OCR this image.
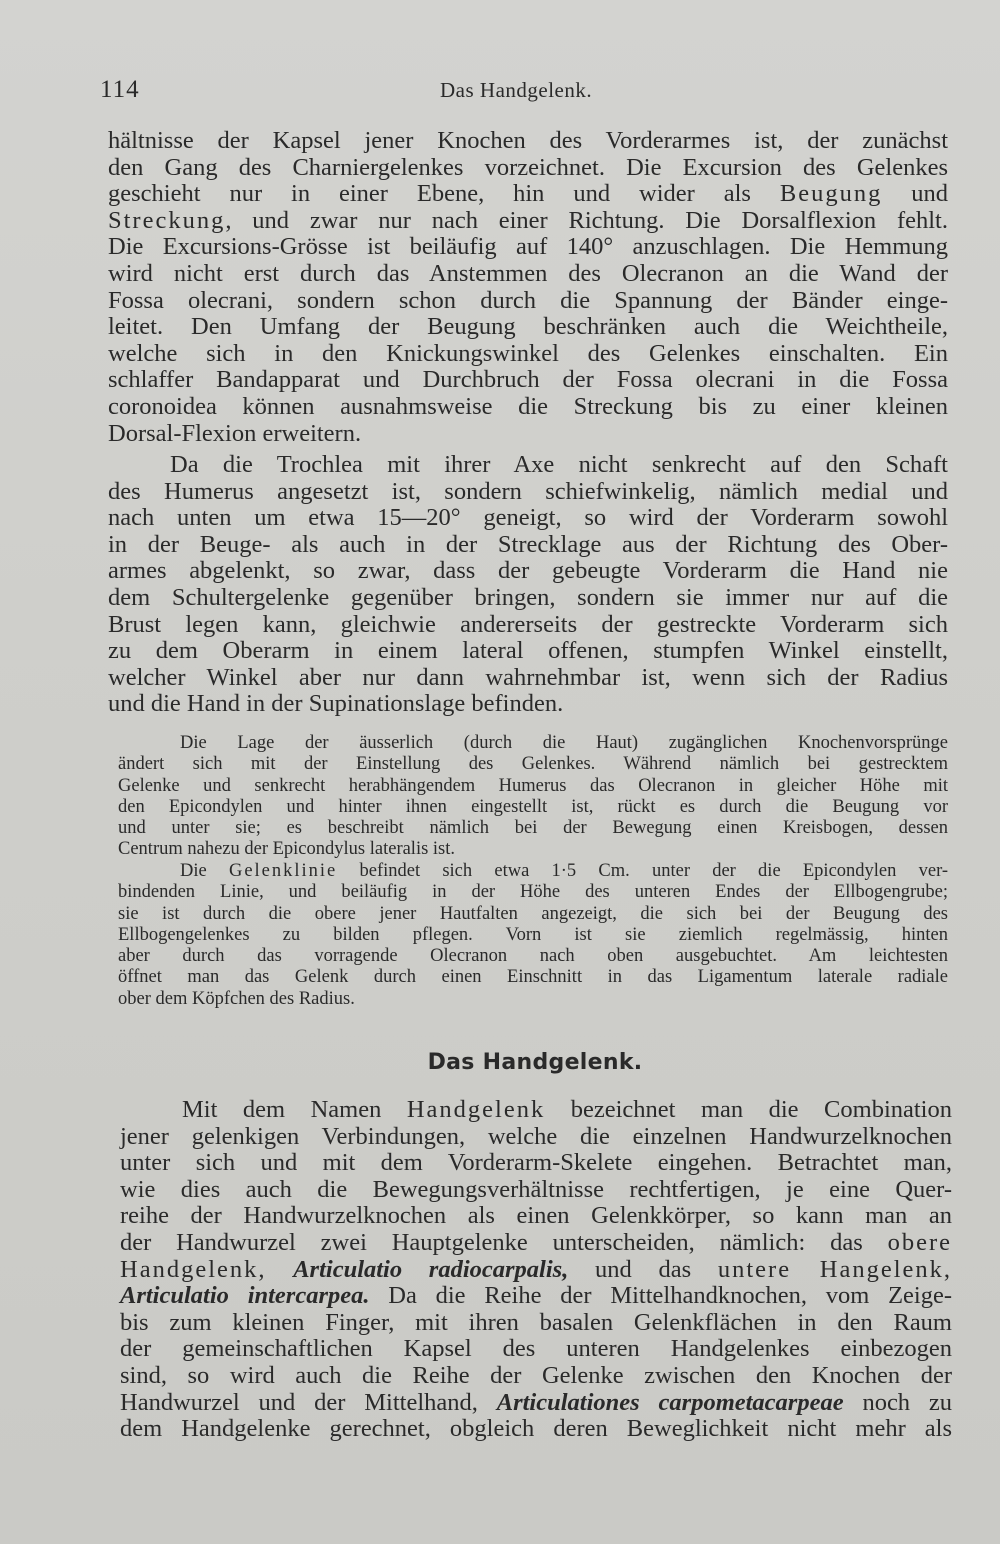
114	Das Handgelenk.
hältnisse der Kapsel jener Knochen des Vorderarmes ist, der zunächst
den Gang des Charniergelenkes vorzeichnet. Die Excursion des Gelenkes
geschieht nur in einer Ebene, hin und wider als Beugung und
Streckung, und zwar nur nach einer Richtung. Die Dorsalflexion fehlt.
Die Excursions-Grösse ist beiläufig auf 140° anzuschlagen. Die Hemmung
wird nicht erst durch das Anstemmen des Olecranon an die Wand der
Fossa olecrani, sondern schon durch die Spannung der Bänder einge-
leitet. Den Umfang der Beugung beschränken auch die Weichtheile,
welche sich in den Knickungswinkel des Gelenkes einschalten. Ein
schlaffer Bandapparat und Durchbruch der Fossa olecrani in die Fossa
coronoidea können ausnahmsweise die Streckung bis zu einer kleinen
Dorsal-Flexion erweitern.
Da die Trochlea mit ihrer Axe nicht senkrecht auf den Schaft
des Humerus angesetzt ist, sondern schiefwinkelig, nämlich medial und
nach unten um etwa 15—20° geneigt, so wird der Vorderarm sowohl
in der Beuge- als auch in der Strecklage aus der Richtung des Ober-
armes abgelenkt, so zwar, dass der gebeugte Vorderarm die Hand nie
dem Schultergelenke gegenüber bringen, sondern sie immer nur auf die
Brust legen kann, gleichwie andererseits der gestreckte Vorderarm sich
zu dem Oberarm in einem lateral offenen, stumpfen Winkel einstellt,
welcher Winkel aber nur dann wahrnehmbar ist, wenn sich der Radius
und die Hand in der Supinationslage befinden.
Die Lage der äusserlich (durch die Haut) zugänglichen Knochenvorsprünge
ändert sich mit der Einstellung des Gelenkes. Während nämlich bei gestrecktem
Gelenke und senkrecht herabhängendem Humerus das Olecranon in gleicher Höhe mit
den Epicondylen und hinter ihnen eingestellt ist, rückt es durch die Beugung vor
und unter sie; es beschreibt nämlich bei der Bewegung einen Kreisbogen, dessen
Centrum nahezu der Epicondylus lateralis ist.
Die Gelenklinie befindet sich etwa 1·5 Cm. unter der die Epicondylen ver-
bindenden Linie, und beiläufig in der Höhe des unteren Endes der Ellbogengrube;
sie ist durch die obere jener Hautfalten angezeigt, die sich bei der Beugung des
Ellbogengelenkes zu bilden pflegen. Vorn ist sie ziemlich regelmässig, hinten
aber durch das vorragende Olecranon nach oben ausgebuchtet. Am leichtesten
öffnet man das Gelenk durch einen Einschnitt in das Ligamentum laterale radiale
ober dem Köpfchen des Radius.
Das Handgelenk.
Mit dem Namen Handgelenk bezeichnet man die Combination
jener gelenkigen Verbindungen, welche die einzelnen Handwurzelknochen
unter sich und mit dem Vorderarm-Skelete eingehen. Betrachtet man,
wie dies auch die Bewegungsverhältnisse rechtfertigen, je eine Quer-
reihe der Handwurzelknochen als einen Gelenkkörper, so kann man an
der Handwurzel zwei Hauptgelenke unterscheiden, nämlich: das obere
Handgelenk, Articulatio radiocarpalis, und das untere Hangelenk,
Articulatio intercarpea. Da die Reihe der Mittelhandknochen, vom Zeige-
bis zum kleinen Finger, mit ihren basalen Gelenkflächen in den Raum
der gemeinschaftlichen Kapsel des unteren Handgelenkes einbezogen
sind, so wird auch die Reihe der Gelenke zwischen den Knochen der
Handwurzel und der Mittelhand, Articulationes carpometacarpeae noch zu
dem Handgelenke gerechnet, obgleich deren Beweglichkeit nicht mehr als
